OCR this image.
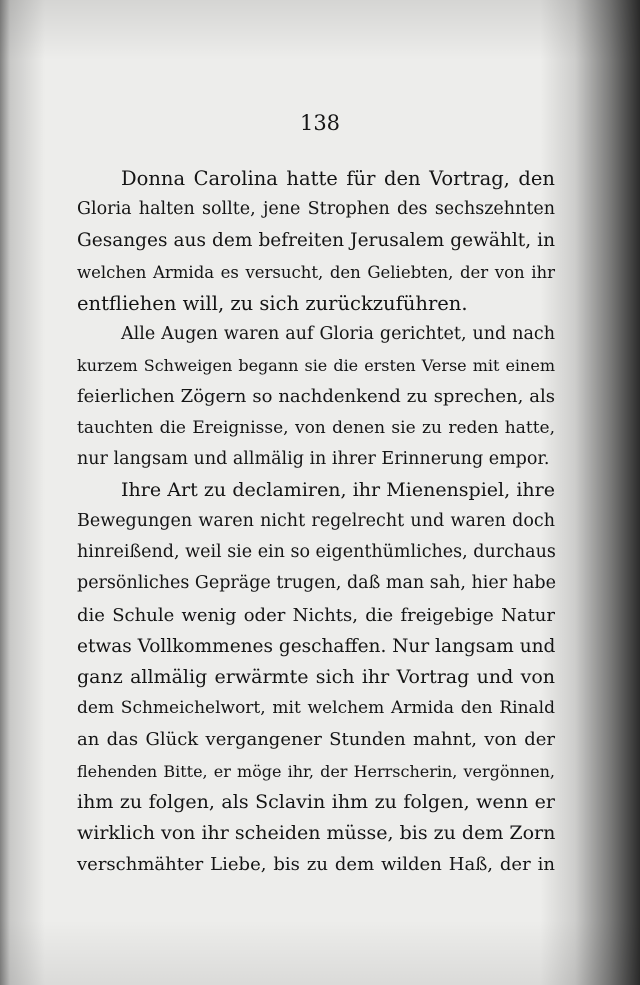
138
Donna Carolina hatte für den Vortrag, den
Gloria halten sollte, jene Strophen des sechszehnten
Gesanges aus dem befreiten Jerusalem gewählt, in
welchen Armida es versucht, den Geliebten, der von ihr
entfliehen will, zu sich zurückzuführen.
Alle Augen waren auf Gloria gerichtet, und nach
kurzem Schweigen begann sie die ersten Verse mit einem
feierlichen Zögern so nachdenkend zu sprechen, als
tauchten die Ereignisse, von denen sie zu reden hatte,
nur langsam und allmälig in ihrer Erinnerung empor.
Ihre Art zu declamiren, ihr Mienenspiel, ihre
Bewegungen waren nicht regelrecht und waren doch
hinreißend, weil sie ein so eigenthümliches, durchaus
persönliches Gepräge trugen, daß man sah, hier habe
die Schule wenig oder Nichts, die freigebige Natur
etwas Vollkommenes geschaffen. Nur langsam und
ganz allmälig erwärmte sich ihr Vortrag und von
dem Schmeichelwort, mit welchem Armida den Rinald
an das Glück vergangener Stunden mahnt, von der
flehenden Bitte, er möge ihr, der Herrscherin, vergönnen,
ihm zu folgen, als Sclavin ihm zu folgen, wenn er
wirklich von ihr scheiden müsse, bis zu dem Zorn
verschmähter Liebe, bis zu dem wilden Haß, der in
